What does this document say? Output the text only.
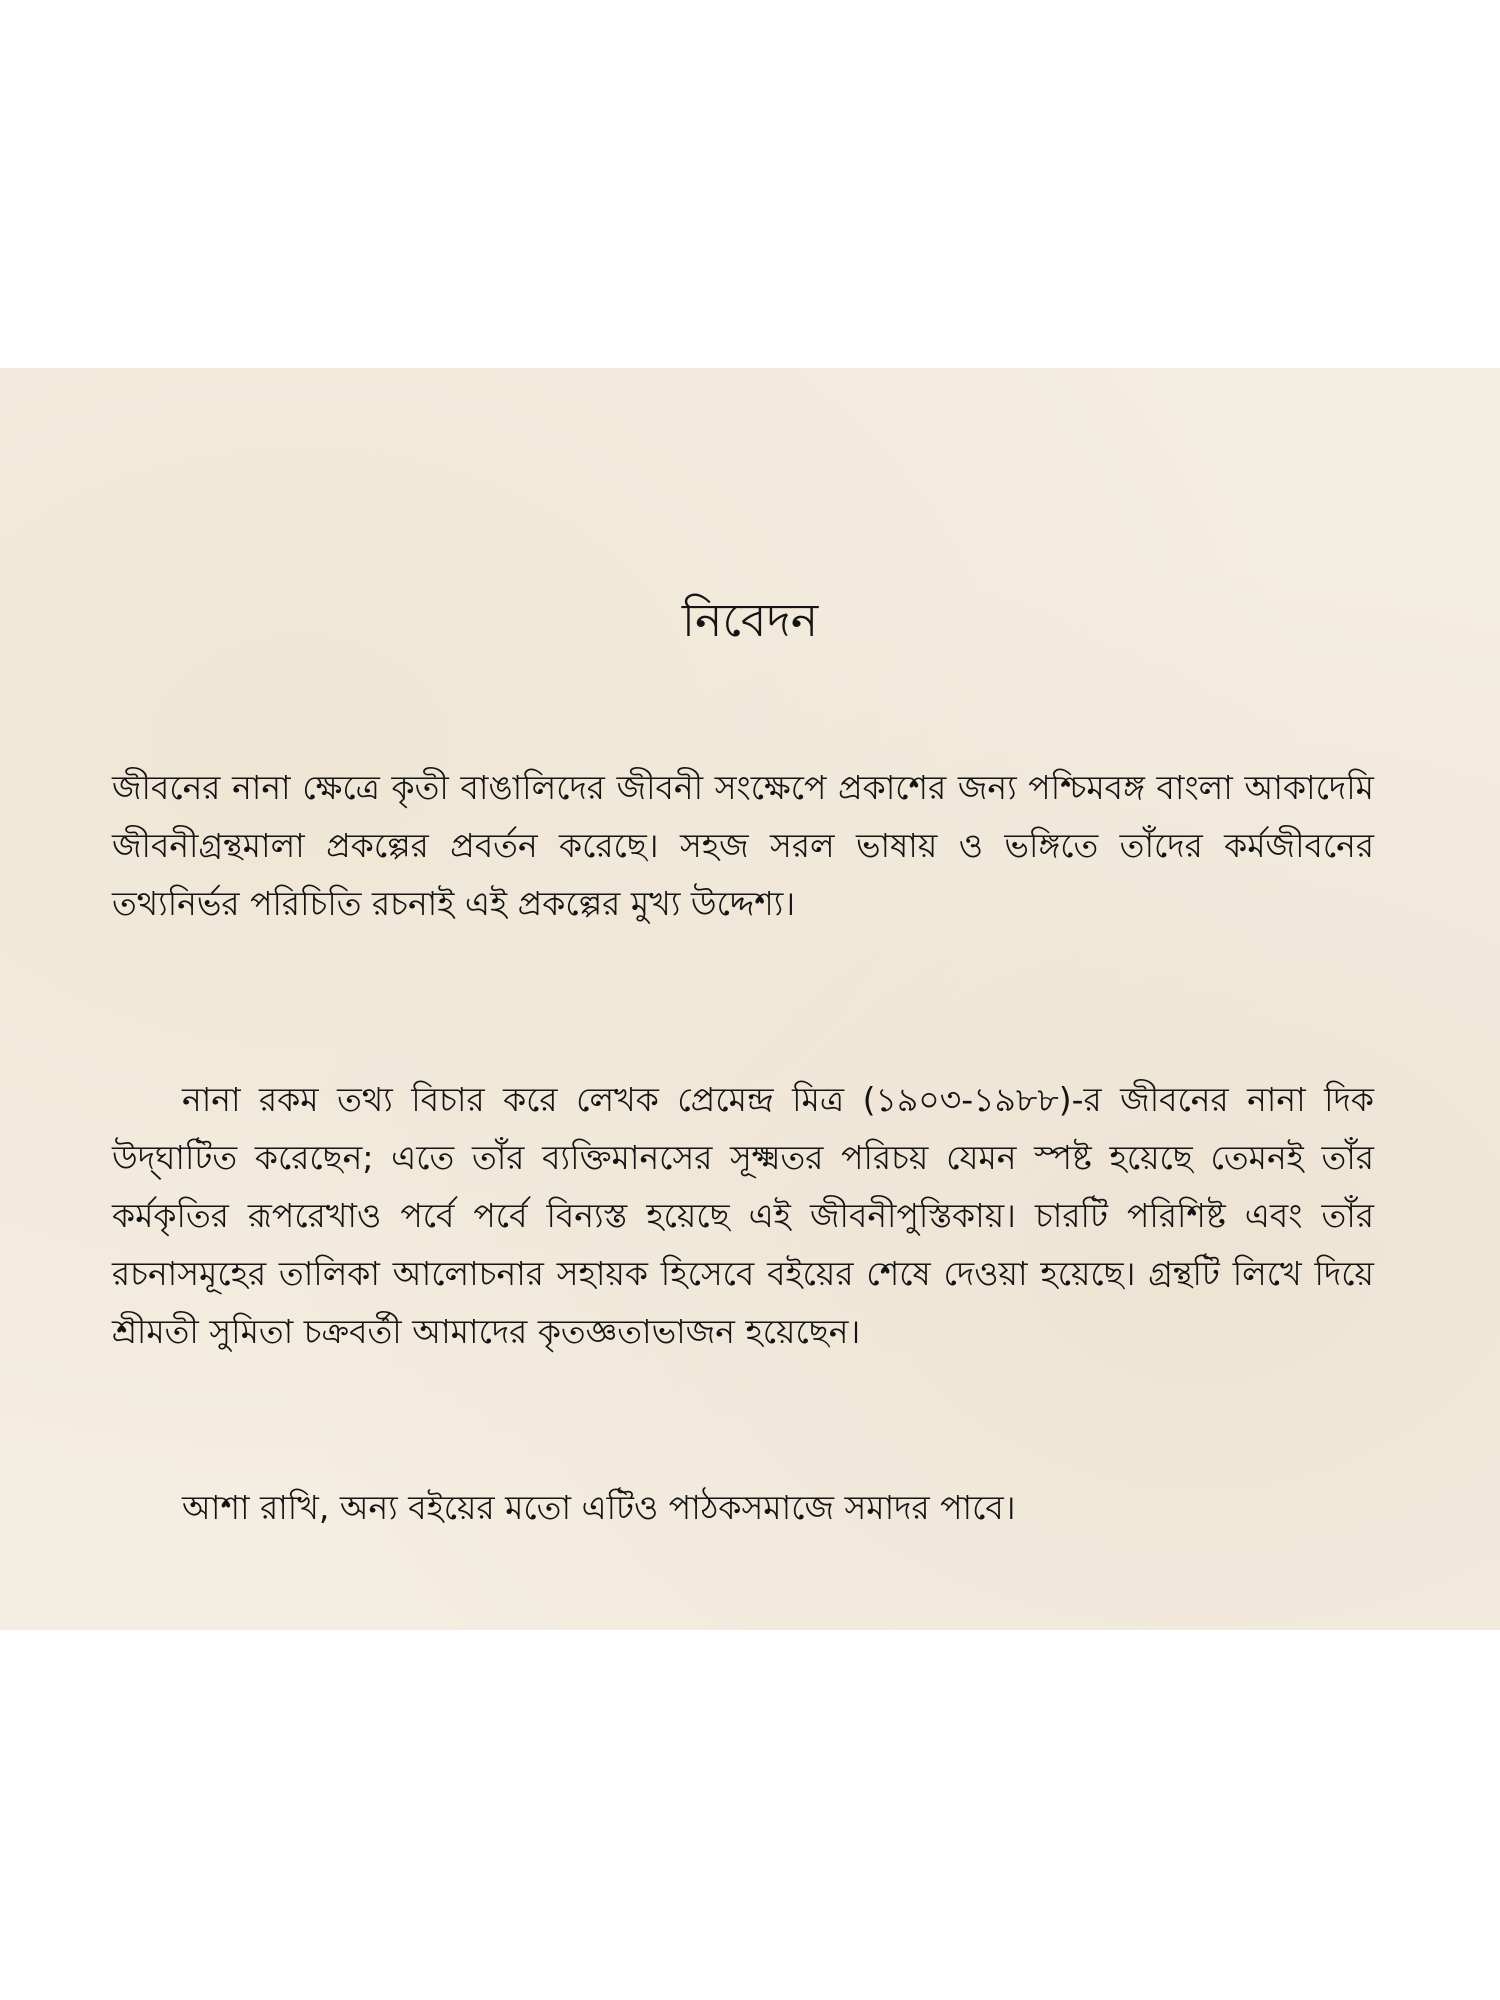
নিবেদন

জীবনের নানা ক্ষেত্রে কৃতী বাঙালিদের জীবনী সংক্ষেপে প্রকাশের জন্য পশ্চিমবঙ্গ বাংলা আকাদেমি জীবনীগ্রন্থমালা প্রকল্পের প্রবর্তন করেছে। সহজ সরল ভাষায় ও ভঙ্গিতে তাঁদের কর্মজীবনের তথ্যনির্ভর পরিচিতি রচনাই এই প্রকল্পের মুখ্য উদ্দেশ্য।

নানা রকম তথ্য বিচার করে লেখক প্রেমেন্দ্র মিত্র (১৯০৩-১৯৮৮)-র জীবনের নানা দিক উদ্‌ঘাটিত করেছেন; এতে তাঁর ব্যক্তিমানসের সূক্ষ্মতর পরিচয় যেমন স্পষ্ট হয়েছে তেমনই তাঁর কর্মকৃতির রূপরেখাও পর্বে পর্বে বিন্যস্ত হয়েছে এই জীবনীপুস্তিকায়। চারটি পরিশিষ্ট এবং তাঁর রচনাসমূহের তালিকা আলোচনার সহায়ক হিসেবে বইয়ের শেষে দেওয়া হয়েছে। গ্রন্থটি লিখে দিয়ে শ্রীমতী সুমিতা চক্রবর্তী আমাদের কৃতজ্ঞতাভাজন হয়েছেন।

আশা রাখি, অন্য বইয়ের মতো এটিও পাঠকসমাজে সমাদর পাবে।
